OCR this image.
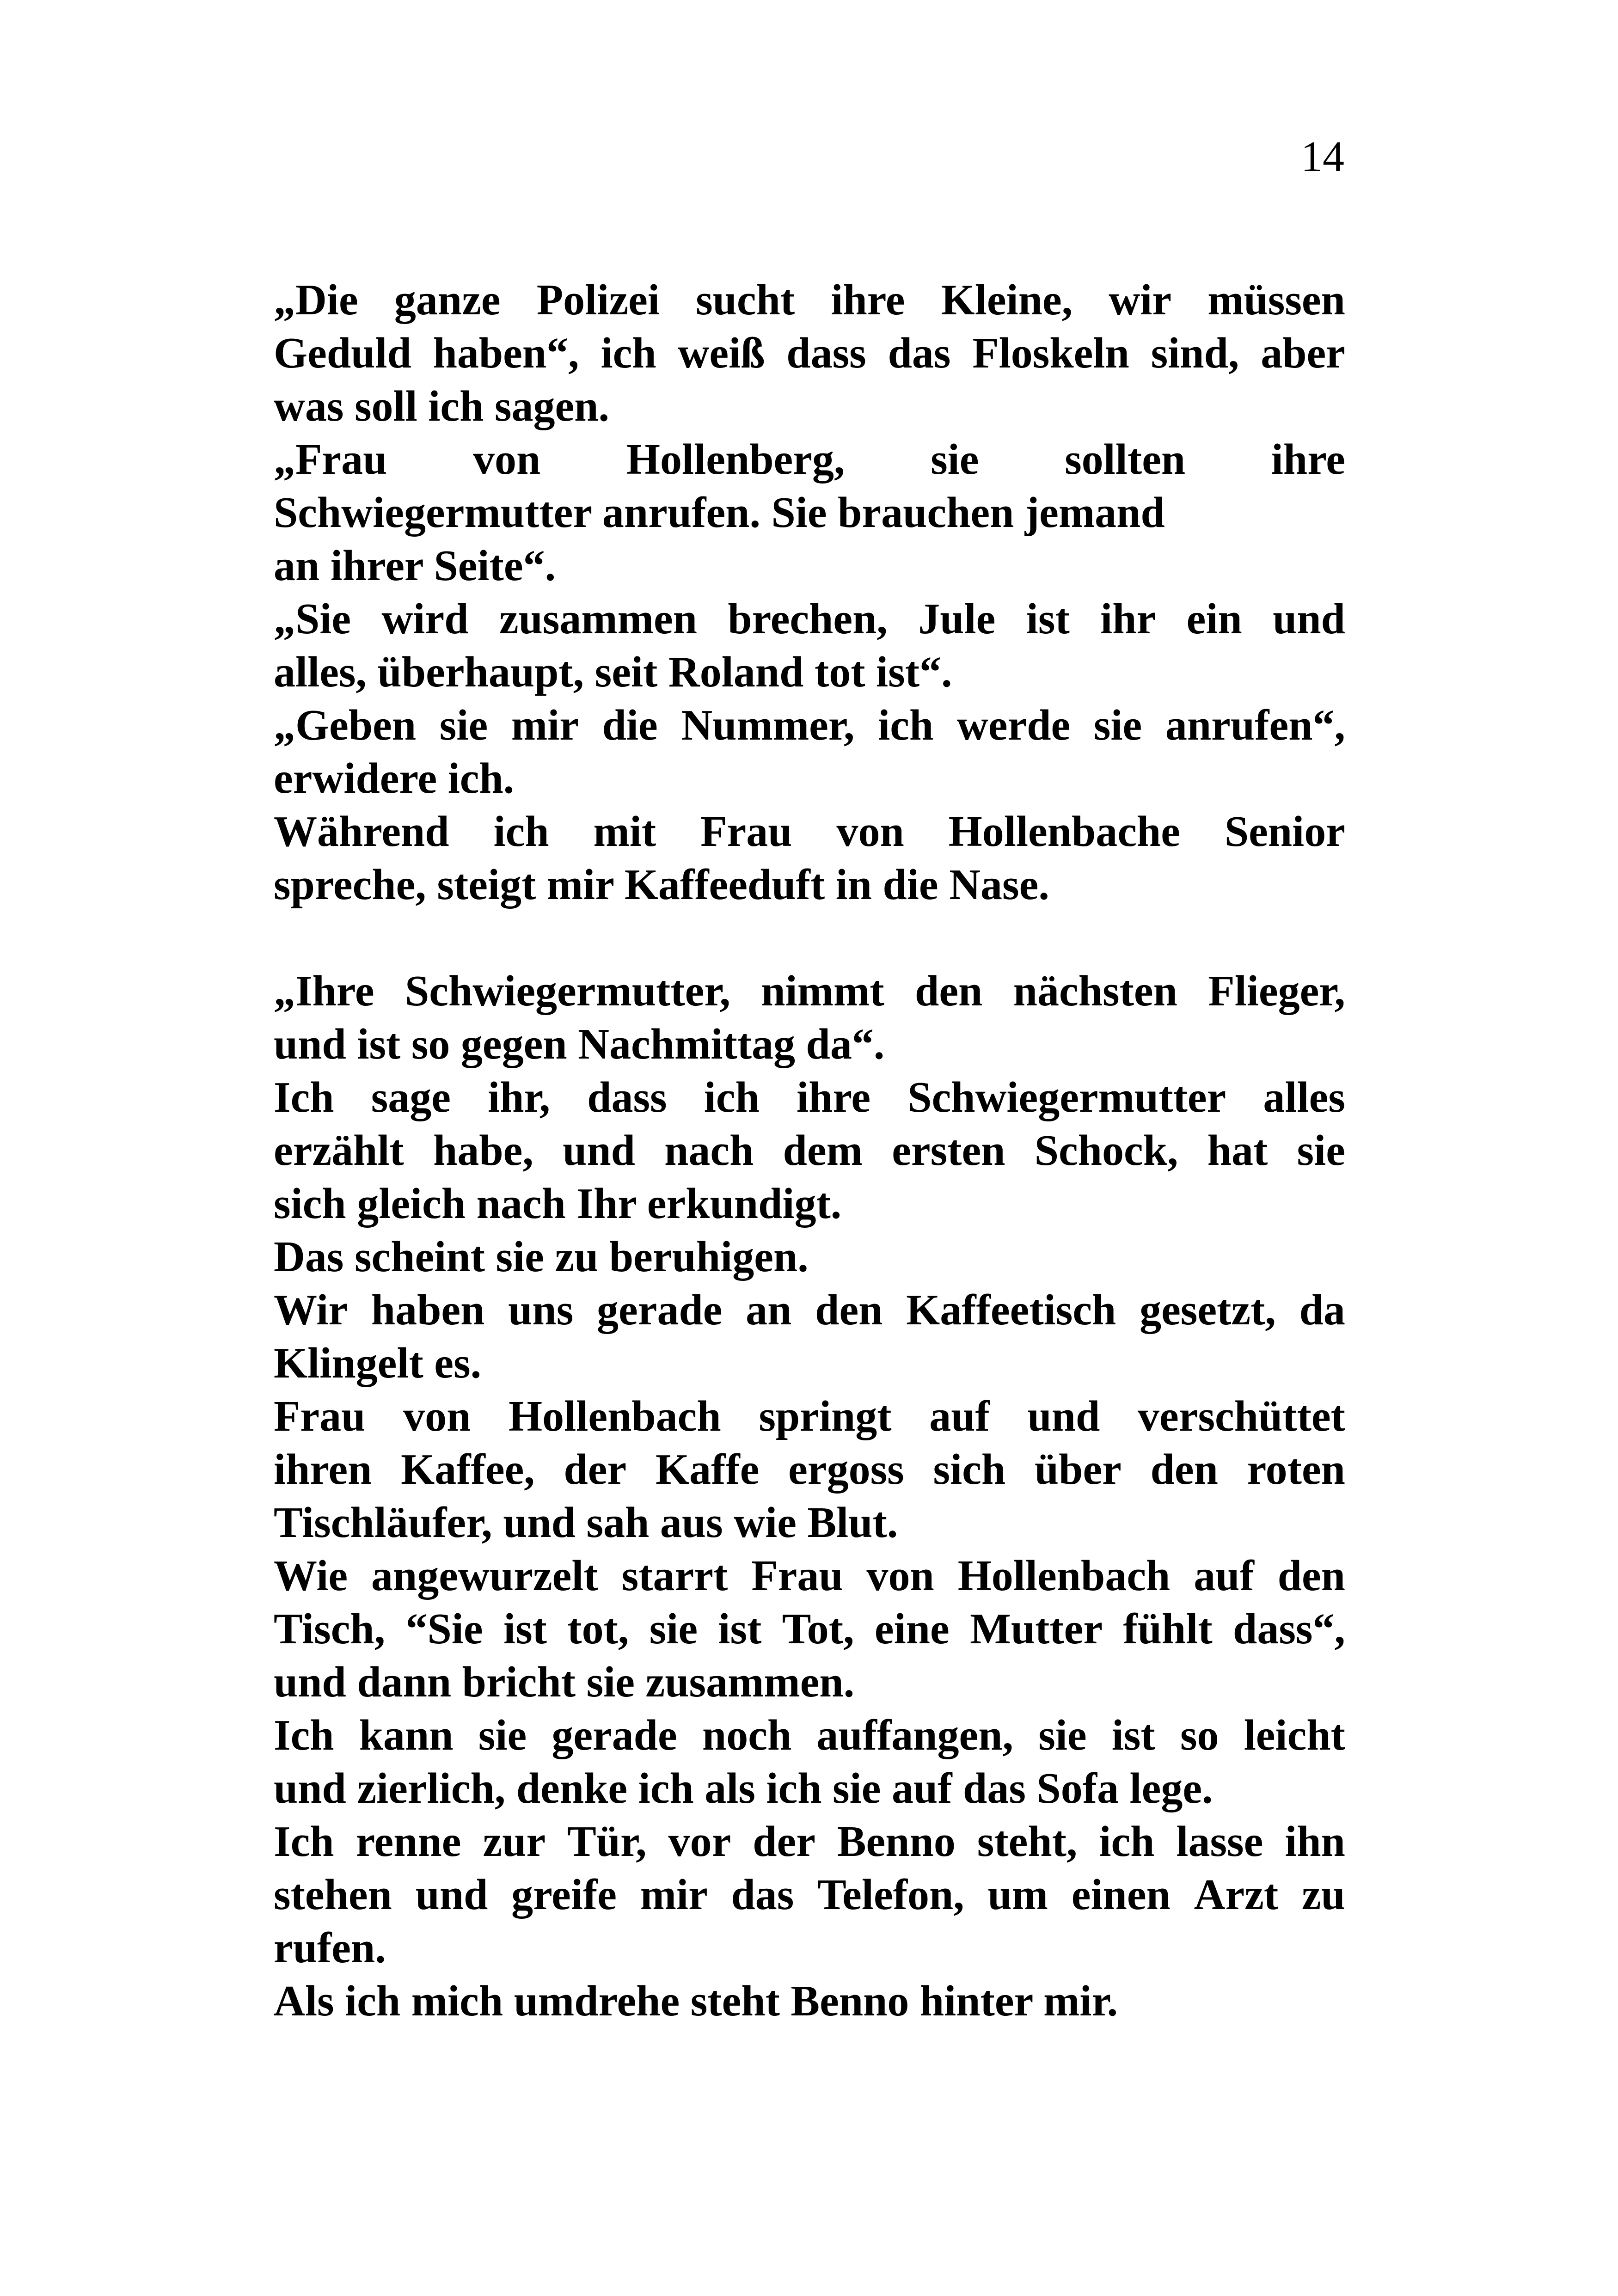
14
„Die ganze Polizei sucht ihre Kleine, wir müssen
Geduld haben“, ich weiß dass das Floskeln sind, aber
was soll ich sagen.
„Frau von Hollenberg, sie sollten ihre
Schwiegermutter anrufen. Sie brauchen jemand
an ihrer Seite“.
„Sie wird zusammen brechen, Jule ist ihr ein und
alles, überhaupt, seit Roland tot ist“.
„Geben sie mir die Nummer, ich werde sie anrufen“,
erwidere ich.
Während ich mit Frau von Hollenbache Senior
spreche, steigt mir Kaffeeduft in die Nase.
„Ihre Schwiegermutter, nimmt den nächsten Flieger,
und ist so gegen Nachmittag da“.
Ich sage ihr, dass ich ihre Schwiegermutter alles
erzählt habe, und nach dem ersten Schock, hat sie
sich gleich nach Ihr erkundigt.
Das scheint sie zu beruhigen.
Wir haben uns gerade an den Kaffeetisch gesetzt, da
Klingelt es.
Frau von Hollenbach springt auf und verschüttet
ihren Kaffee, der Kaffe ergoss sich über den roten
Tischläufer, und sah aus wie Blut.
Wie angewurzelt starrt Frau von Hollenbach auf den
Tisch, “Sie ist tot, sie ist Tot, eine Mutter fühlt dass“,
und dann bricht sie zusammen.
Ich kann sie gerade noch auffangen, sie ist so leicht
und zierlich, denke ich als ich sie auf das Sofa lege.
Ich renne zur Tür, vor der Benno steht, ich lasse ihn
stehen und greife mir das Telefon, um einen Arzt zu
rufen.
Als ich mich umdrehe steht Benno hinter mir.
